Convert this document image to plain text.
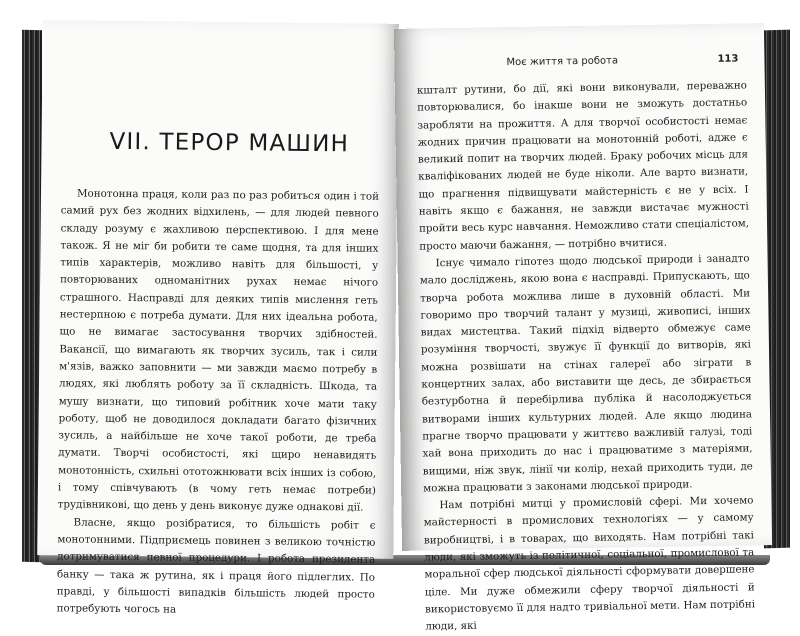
VII. ТЕРОР МАШИН

Монотонна праця, коли раз по раз робиться один і той самий рух без жодних відхилень, — для людей певного складу розуму є жахливою перспективою. І для мене також. Я не міг би робити те саме щодня, та для інших типів характерів, можливо навіть для більшості, у повторюваних одноманітних рухах немає нічого страшного. Насправді для деяких типів мислення геть нестерпною є потреба думати. Для них ідеальна робота, що не вимагає застосування творчих здібностей. Вакансії, що вимагають як творчих зусиль, так і сили м'язів, важко заповнити — ми завжди маємо потребу в людях, які люблять роботу за її складність. Шкода, та мушу визнати, що типовий робітник хоче мати таку роботу, щоб не доводилося докладати багато фізичних зусиль, а найбільше не хоче такої роботи, де треба думати. Творчі особистості, які щиро ненавидять монотонність, схильні ототожнювати всіх інших із собою, і тому співчувають (в чому геть немає потреби) трудівникові, що день у день виконує дуже однакові дії.

Власне, якщо розібратися, то більшість робіт є монотонними. Підприємець повинен з великою точністю дотримуватися певної процедури. І робота президента банку — така ж рутина, як і праця його підлеглих. По правді, у більшості випадків більшість людей просто потребують чогось на

Моє життя та робота	113

кшталт рутини, бо дії, які вони виконували, переважно повторювалися, бо інакше вони не зможуть достатньо заробляти на прожиття. А для творчої особистості немає жодних причин працювати на монотонній роботі, адже є великий попит на творчих людей. Браку робочих місць для кваліфікованих людей не буде ніколи. Але варто визнати, що прагнення підвищувати майстерність є не у всіх. І навіть якщо є бажання, не завжди вистачає мужності пройти весь курс навчання. Неможливо стати спеціалістом, просто маючи бажання, — потрібно вчитися.

Існує чимало гіпотез щодо людської природи і занадто мало досліджень, якою вона є насправді. Припускають, що творча робота можлива лише в духовній області. Ми говоримо про творчий талант у музиці, живописі, інших видах мистецтва. Такий підхід відверто обмежує саме розуміння творчості, звужує її функції до витворів, які можна розвішати на стінах галереї або зіграти в концертних залах, або виставити ще десь, де збирається безтурботна й перебірлива публіка й насолоджується витворами інших культурних людей. Але якщо людина прагне творчо працювати у життєво важливій галузі, тоді хай вона приходить до нас і працюватиме з матеріями, вищими, ніж звук, лінії чи колір, нехай приходить туди, де можна працювати з законами людської природи.

Нам потрібні митці у промисловій сфері. Ми хочемо майстерності в промислових технологіях — у самому виробництві, і в товарах, що виходять. Нам потрібні такі люди, які зможуть із політичної, соціальної, промислової та моральної сфер людської діяльності сформувати довершене ціле. Ми дуже обмежили сферу творчої діяльності й використовуємо її для надто тривіальної мети. Нам потрібні люди, які
